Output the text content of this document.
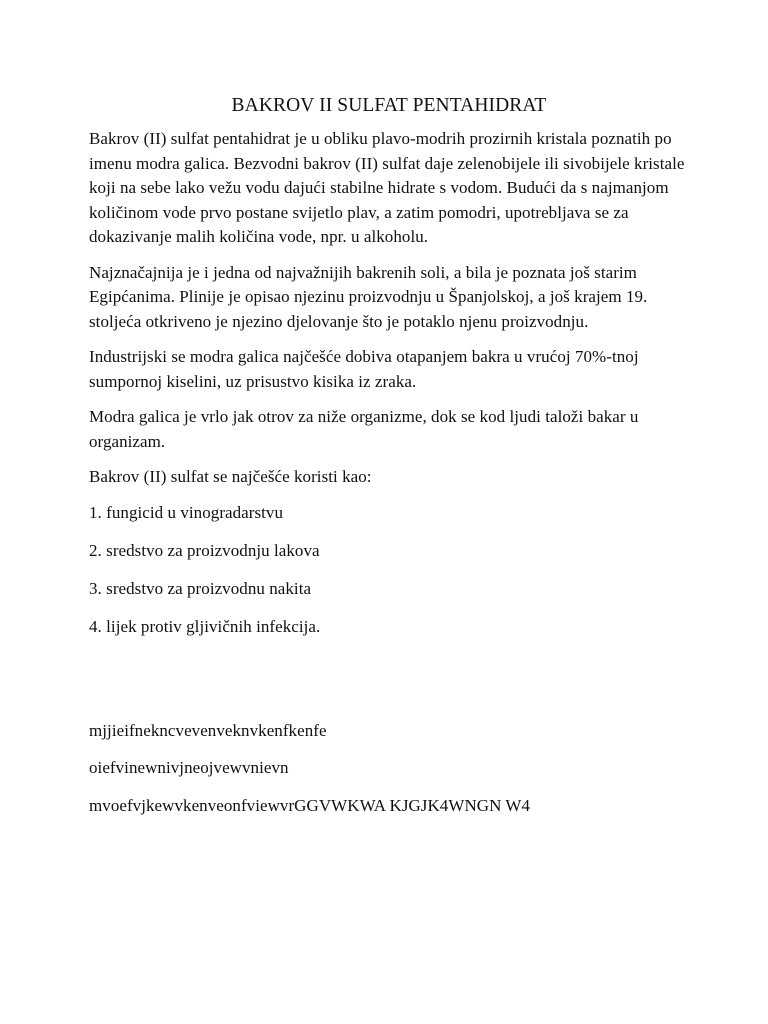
BAKROV II SULFAT PENTAHIDRAT

Bakrov (II) sulfat pentahidrat je u obliku plavo-modrih prozirnih kristala poznatih po imenu modra galica. Bezvodni bakrov (II) sulfat daje zelenobijele ili sivobijele kristale koji na sebe lako vežu vodu dajući stabilne hidrate s vodom. Budući da s najmanjom količinom vode prvo postane svijetlo plav, a zatim pomodri, upotrebljava se za dokazivanje malih količina vode, npr. u alkoholu.

Najznačajnija je i jedna od najvažnijih bakrenih soli, a bila je poznata još starim Egipćanima. Plinije je opisao njezinu proizvodnju u Španjolskoj, a još krajem 19. stoljeća otkriveno je njezino djelovanje što je potaklo njenu proizvodnju.

Industrijski se modra galica najčešće dobiva otapanjem bakra u vrućoj 70%-tnoj sumpornoj kiselini, uz prisustvo kisika iz zraka.

Modra galica je vrlo jak otrov za niže organizme, dok se kod ljudi taloži bakar u organizam.

Bakrov (II) sulfat se najčešće koristi kao:

1. fungicid u vinogradarstvu

2. sredstvo za proizvodnju lakova

3. sredstvo za proizvodnu nakita

4. lijek protiv gljivičnih infekcija.

mjjieifneknc​vevenveknvkenfkenfe

oiefvinewnivjneojvewvnievn

mvoefvjkewvkenveonfviewvrGGVWKWA KJGJK4WNGN W4
